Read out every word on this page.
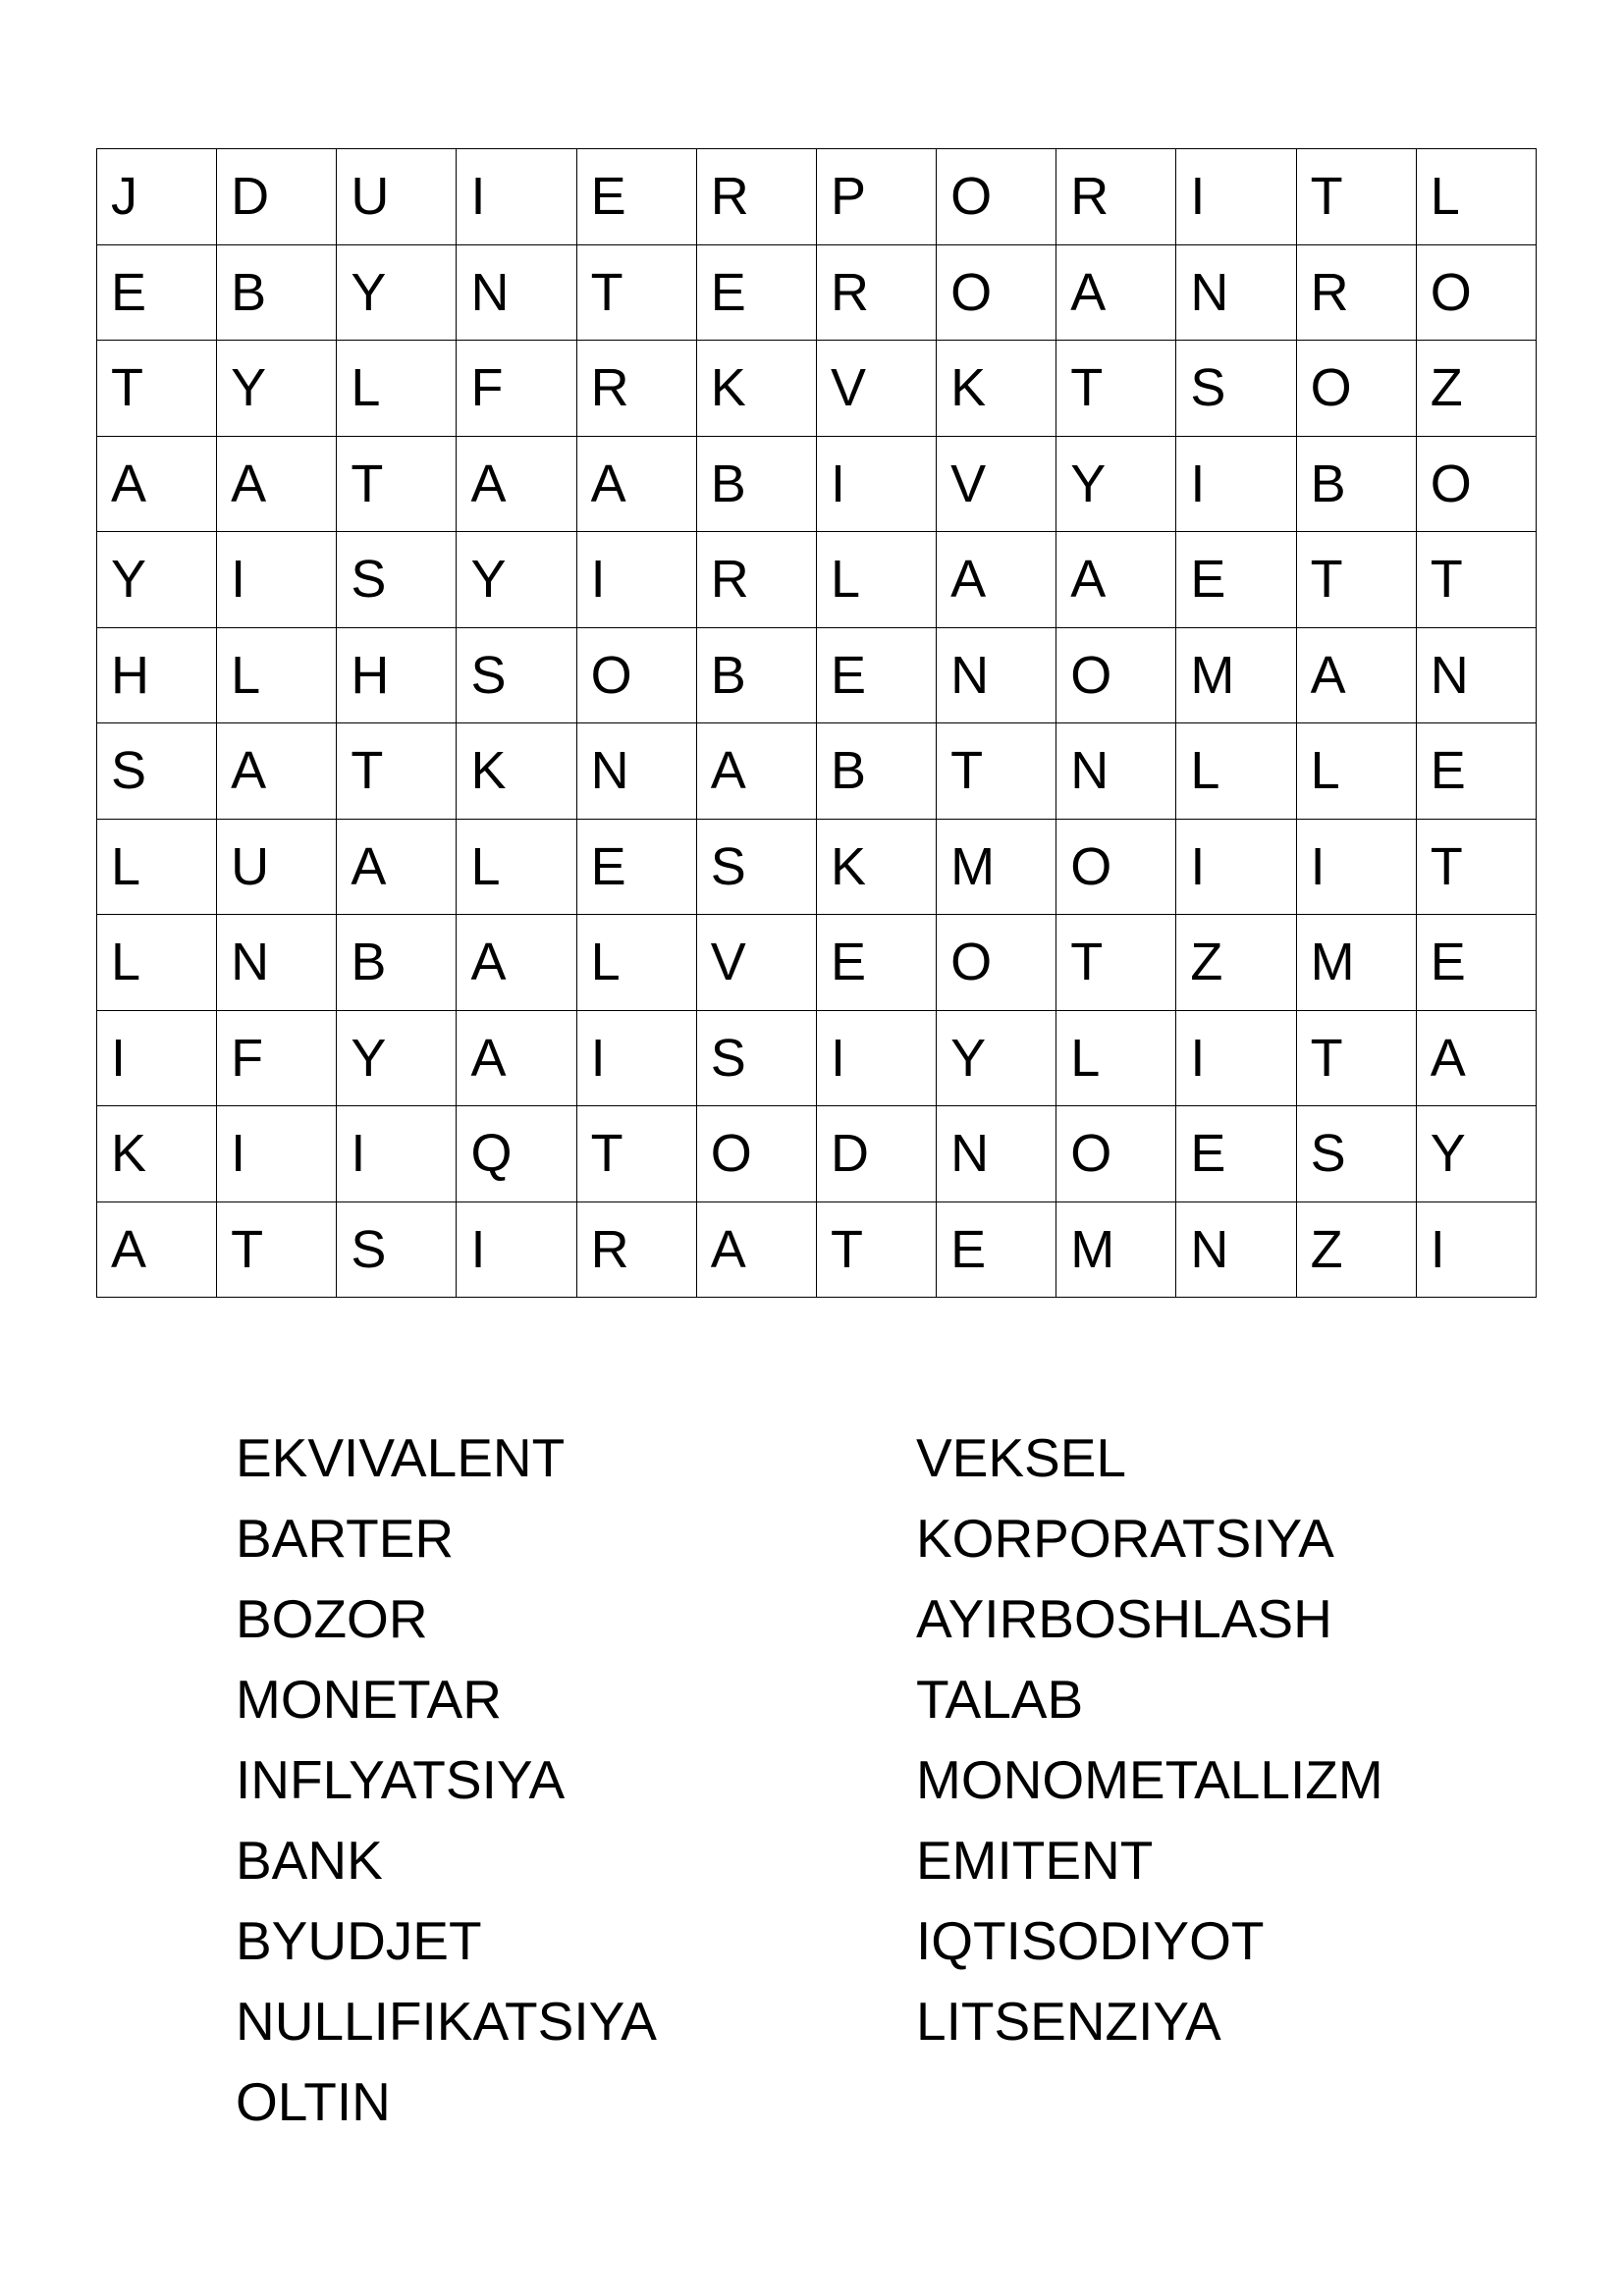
J	D	U	I	E	R	P	O	R	I	T	L
E	B	Y	N	T	E	R	O	A	N	R	O
T	Y	L	F	R	K	V	K	T	S	O	Z
A	A	T	A	A	B	I	V	Y	I	B	O
Y	I	S	Y	I	R	L	A	A	E	T	T
H	L	H	S	O	B	E	N	O	M	A	N
S	A	T	K	N	A	B	T	N	L	L	E
L	U	A	L	E	S	K	M	O	I	I	T
L	N	B	A	L	V	E	O	T	Z	M	E
I	F	Y	A	I	S	I	Y	L	I	T	A
K	I	I	Q	T	O	D	N	O	E	S	Y
A	T	S	I	R	A	T	E	M	N	Z	I
EKVIVALENT
BARTER
BOZOR
MONETAR
INFLYATSIYA
BANK
BYUDJET
NULLIFIKATSIYA
OLTIN
VEKSEL
KORPORATSIYA
AYIRBOSHLASH
TALAB
MONOMETALLIZM
EMITENT
IQTISODIYOT
LITSENZIYA
